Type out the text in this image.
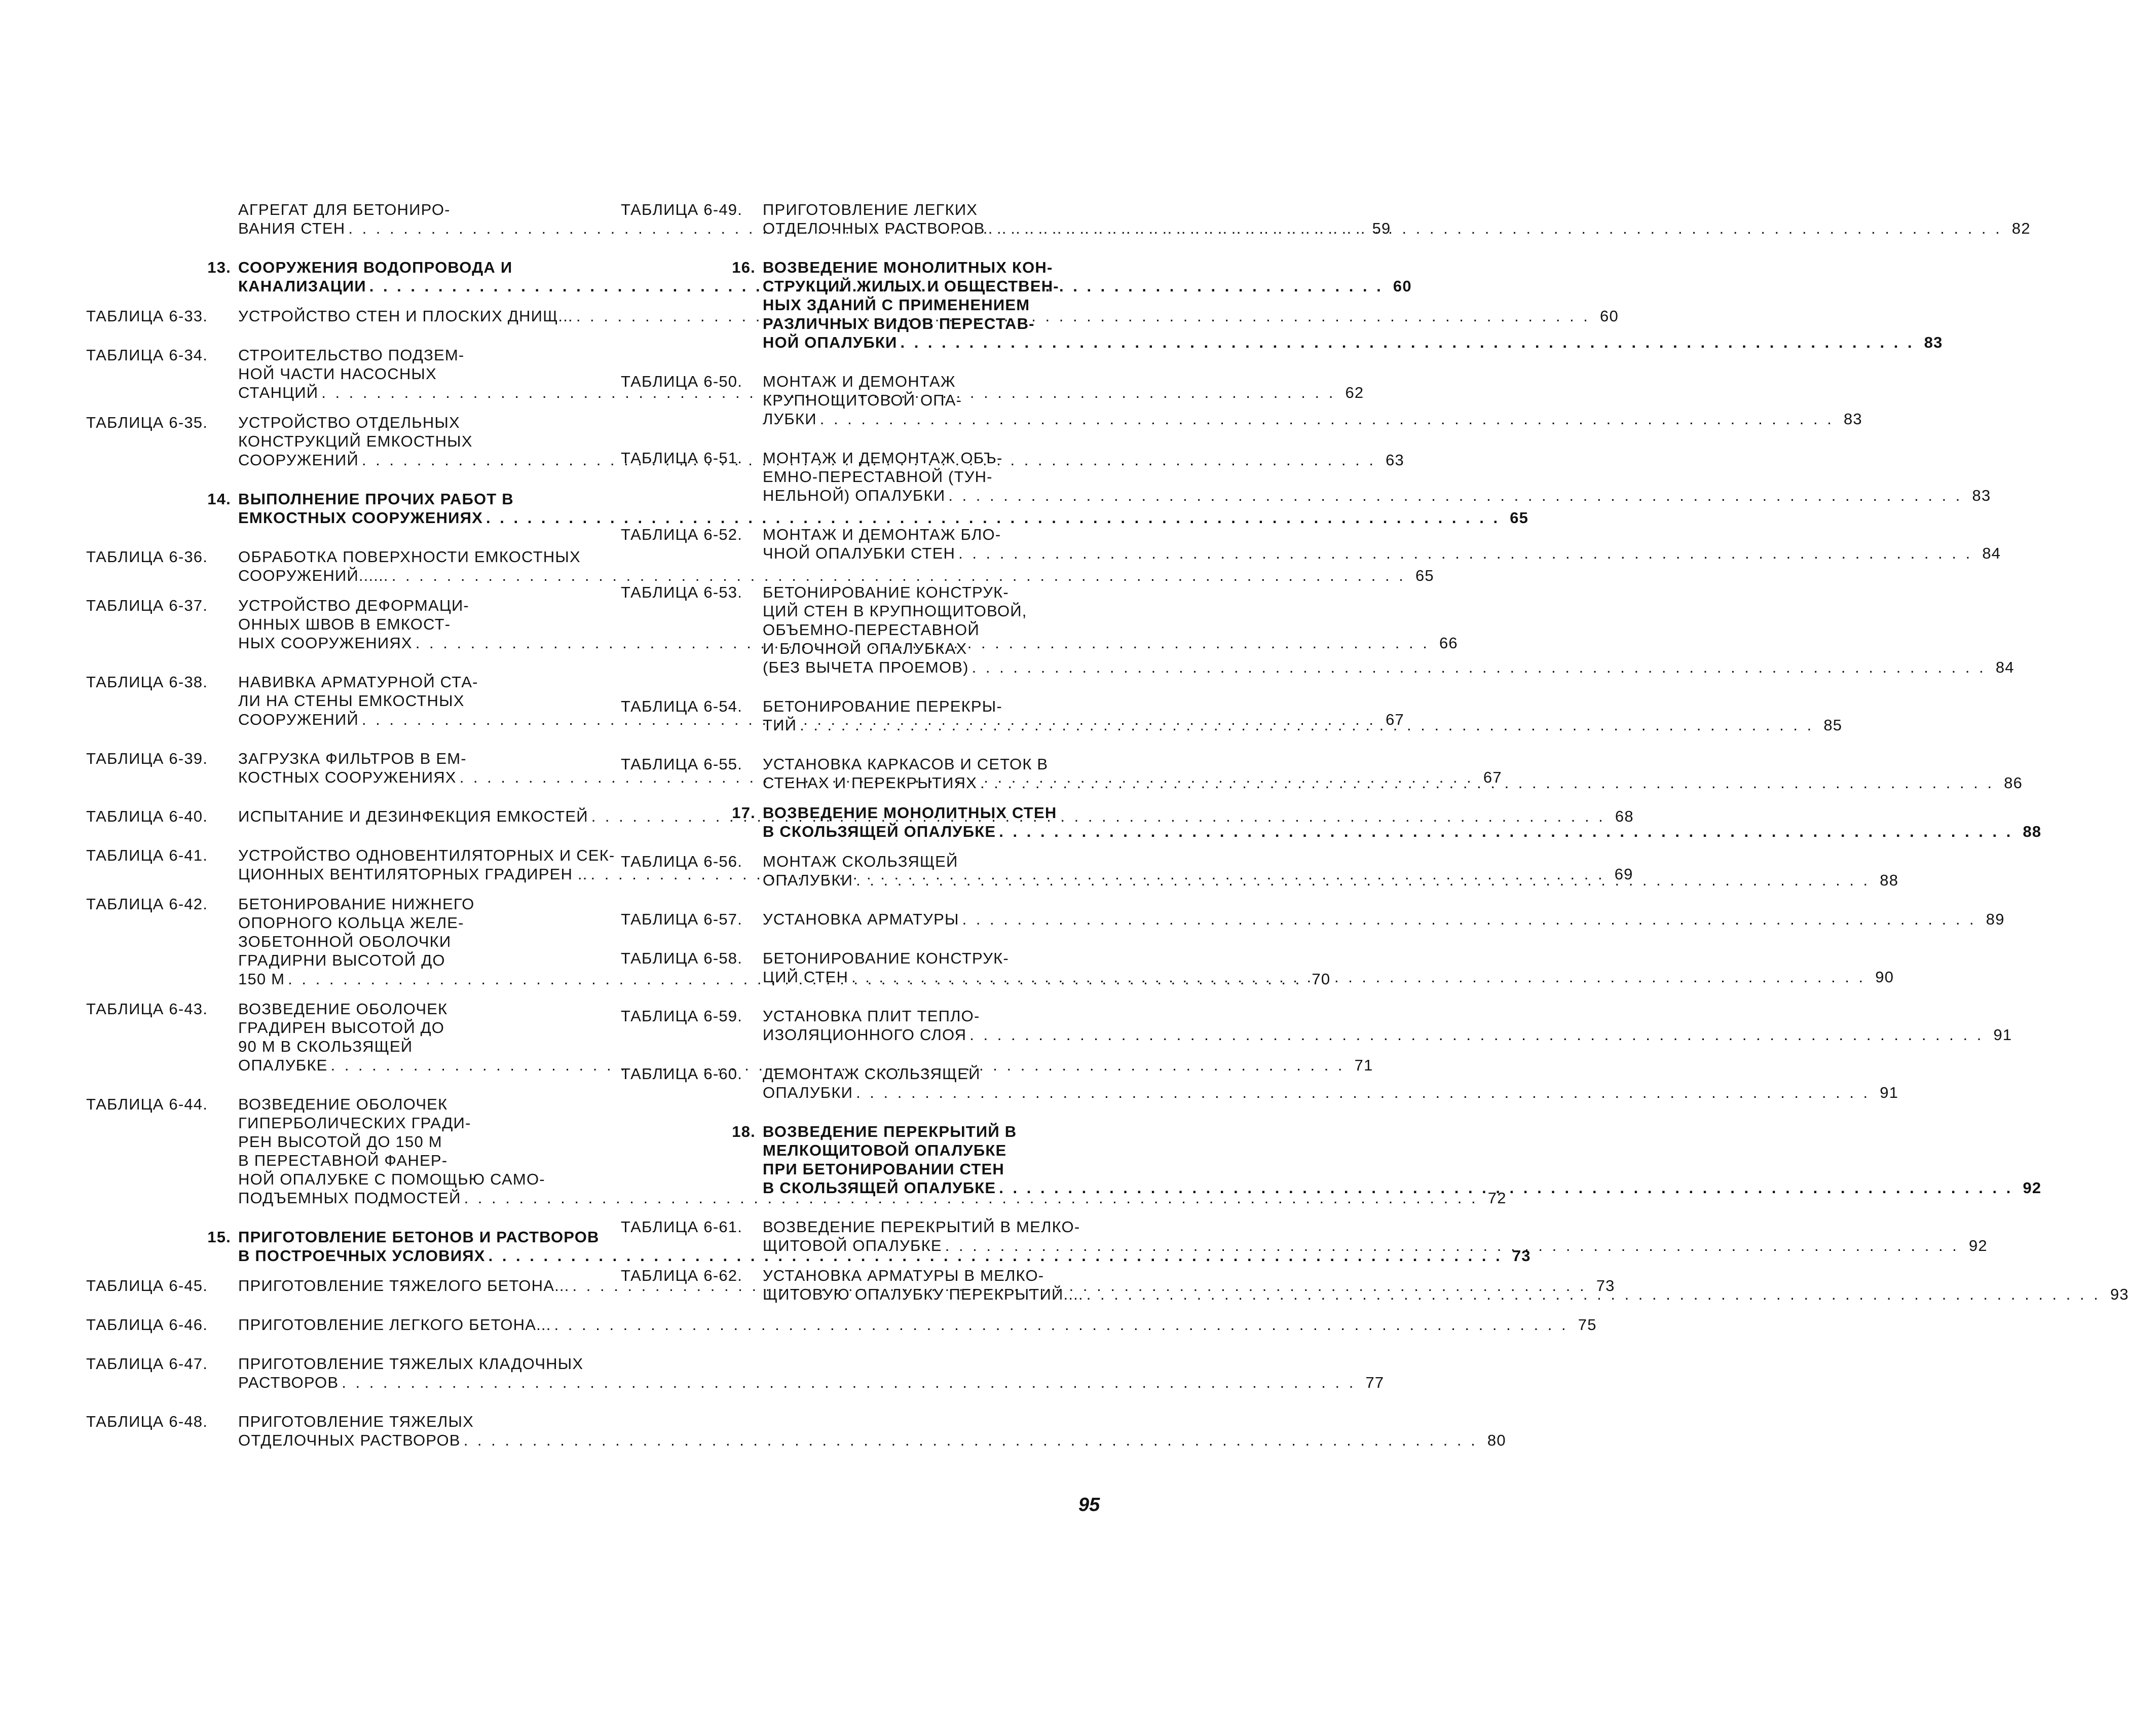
АГРЕГАТ ДЛЯ БЕТОНИРО-
ВАНИЯ СТЕН . . .	59
13. СООРУЖЕНИЯ ВОДОПРОВОДА И
КАНАЛИЗАЦИИ . . .	60
ТАБЛИЦА 6-33.	УСТРОЙСТВО СТЕН И ПЛОСКИХ ДНИЩ... . . .	60
ТАБЛИЦА 6-34.	СТРОИТЕЛЬСТВО ПОДЗЕМ-
НОЙ ЧАСТИ НАСОСНЫХ
СТАНЦИЙ . . .	62
ТАБЛИЦА 6-35.	УСТРОЙСТВО ОТДЕЛЬНЫХ
КОНСТРУКЦИЙ ЕМКОСТНЫХ
СООРУЖЕНИЙ . . .	63
14. ВЫПОЛНЕНИЕ ПРОЧИХ РАБОТ В
ЕМКОСТНЫХ СООРУЖЕНИЯХ . . .	65
ТАБЛИЦА 6-36.	ОБРАБОТКА ПОВЕРХНОСТИ ЕМКОСТНЫХ
СООРУЖЕНИЙ...... . . .	65
ТАБЛИЦА 6-37.	УСТРОЙСТВО ДЕФОРМАЦИ-
ОННЫХ ШВОВ В ЕМКОСТ-
НЫХ СООРУЖЕНИЯХ . . .	66
ТАБЛИЦА 6-38.	НАВИВКА АРМАТУРНОЙ СТА-
ЛИ НА СТЕНЫ ЕМКОСТНЫХ
СООРУЖЕНИЙ . . .	67
ТАБЛИЦА 6-39.	ЗАГРУЗКА ФИЛЬТРОВ В ЕМ-
КОСТНЫХ СООРУЖЕНИЯХ . . .	67
ТАБЛИЦА 6-40.	ИСПЫТАНИЕ И ДЕЗИНФЕКЦИЯ ЕМКОСТЕЙ . . .	68
ТАБЛИЦА 6-41.	УСТРОЙСТВО ОДНОВЕНТИЛЯТОРНЫХ И СЕК-
ЦИОННЫХ ВЕНТИЛЯТОРНЫХ ГРАДИРЕН .. . . .	69
ТАБЛИЦА 6-42.	БЕТОНИРОВАНИЕ НИЖНЕГО
ОПОРНОГО КОЛЬЦА ЖЕЛЕ-
ЗОБЕТОННОЙ ОБОЛОЧКИ
ГРАДИРНИ ВЫСОТОЙ ДО
150 М . . .	70
ТАБЛИЦА 6-43.	ВОЗВЕДЕНИЕ ОБОЛОЧЕК
ГРАДИРЕН ВЫСОТОЙ ДО
90 М В СКОЛЬЗЯЩЕЙ
ОПАЛУБКЕ . . .	71
ТАБЛИЦА 6-44.	ВОЗВЕДЕНИЕ ОБОЛОЧЕК
ГИПЕРБОЛИЧЕСКИХ ГРАДИ-
РЕН ВЫСОТОЙ ДО 150 М
В ПЕРЕСТАВНОЙ ФАНЕР-
НОЙ ОПАЛУБКЕ С ПОМОЩЬЮ САМО-
ПОДЪЕМНЫХ ПОДМОСТЕЙ . . .	72
15. ПРИГОТОВЛЕНИЕ БЕТОНОВ И РАСТВОРОВ
В ПОСТРОЕЧНЫХ УСЛОВИЯХ . . .	73
ТАБЛИЦА 6-45.	ПРИГОТОВЛЕНИЕ ТЯЖЕЛОГО БЕТОНА... . . .	73
ТАБЛИЦА 6-46.	ПРИГОТОВЛЕНИЕ ЛЕГКОГО БЕТОНА... . . .	75
ТАБЛИЦА 6-47.	ПРИГОТОВЛЕНИЕ ТЯЖЕЛЫХ КЛАДОЧНЫХ
РАСТВОРОВ . . .	77
ТАБЛИЦА 6-48.	ПРИГОТОВЛЕНИЕ ТЯЖЕЛЫХ
ОТДЕЛОЧНЫХ РАСТВОРОВ . . .	80
ТАБЛИЦА 6-49.	ПРИГОТОВЛЕНИЕ ЛЕГКИХ
ОТДЕЛОЧНЫХ РАСТВОРОВ . . .	82
16. ВОЗВЕДЕНИЕ МОНОЛИТНЫХ КОН-
СТРУКЦИЙ ЖИЛЫХ И ОБЩЕСТВЕН-
НЫХ ЗДАНИЙ С ПРИМЕНЕНИЕМ
РАЗЛИЧНЫХ ВИДОВ ПЕРЕСТАВ-
НОЙ ОПАЛУБКИ . . .	83
ТАБЛИЦА 6-50.	МОНТАЖ И ДЕМОНТАЖ
КРУПНОЩИТОВОЙ ОПА-
ЛУБКИ . . .	83
ТАБЛИЦА 6-51.	МОНТАЖ И ДЕМОНТАЖ ОБЪ-
ЕМНО-ПЕРЕСТАВНОЙ (ТУН-
НЕЛЬНОЙ) ОПАЛУБКИ . . .	83
ТАБЛИЦА 6-52.	МОНТАЖ И ДЕМОНТАЖ БЛО-
ЧНОЙ ОПАЛУБКИ СТЕН . . .	84
ТАБЛИЦА 6-53.	БЕТОНИРОВАНИЕ КОНСТРУК-
ЦИЙ СТЕН В КРУПНОЩИТОВОЙ,
ОБЪЕМНО-ПЕРЕСТАВНОЙ
И БЛОЧНОЙ ОПАЛУБКАХ
(БЕЗ ВЫЧЕТА ПРОЕМОВ) . . .	84
ТАБЛИЦА 6-54.	БЕТОНИРОВАНИЕ ПЕРЕКРЫ-
ТИЙ . . .	85
ТАБЛИЦА 6-55.	УСТАНОВКА КАРКАСОВ И СЕТОК В
СТЕНАХ И ПЕРЕКРЫТИЯХ . . .	86
17. ВОЗВЕДЕНИЕ МОНОЛИТНЫХ СТЕН
В СКОЛЬЗЯЩЕЙ ОПАЛУБКЕ . . .	88
ТАБЛИЦА 6-56.	МОНТАЖ СКОЛЬЗЯЩЕЙ
ОПАЛУБКИ . . .	88
ТАБЛИЦА 6-57.	УСТАНОВКА АРМАТУРЫ . . .	89
ТАБЛИЦА 6-58.	БЕТОНИРОВАНИЕ КОНСТРУК-
ЦИЙ СТЕН . . .	90
ТАБЛИЦА 6-59.	УСТАНОВКА ПЛИТ ТЕПЛО-
ИЗОЛЯЦИОННОГО СЛОЯ . . .	91
ТАБЛИЦА 6-60.	ДЕМОНТАЖ СКОЛЬЗЯЩЕЙ
ОПАЛУБКИ . . .	91
18. ВОЗВЕДЕНИЕ ПЕРЕКРЫТИЙ В
МЕЛКОЩИТОВОЙ ОПАЛУБКЕ
ПРИ БЕТОНИРОВАНИИ СТЕН
В СКОЛЬЗЯЩЕЙ ОПАЛУБКЕ . . .	92
ТАБЛИЦА 6-61.	ВОЗВЕДЕНИЕ ПЕРЕКРЫТИЙ В МЕЛКО-
ЩИТОВОЙ ОПАЛУБКЕ . . .	92
ТАБЛИЦА 6-62.	УСТАНОВКА АРМАТУРЫ В МЕЛКО-
ЩИТОВУЮ ОПАЛУБКУ ПЕРЕКРЫТИЙ.... . . .	93
95
